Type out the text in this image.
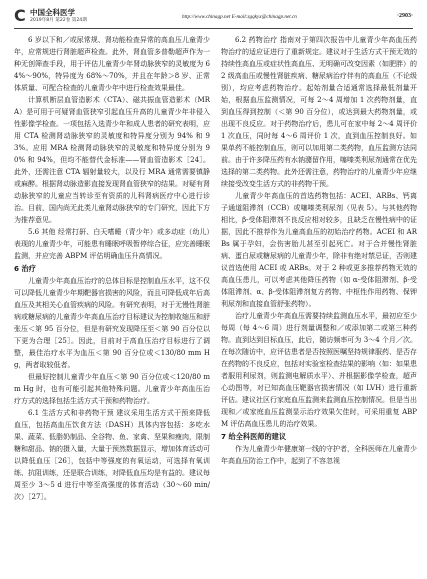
C 中国全科医学
2019年8月 第22卷 第24期
http://www.chinagp.net E-mail:zgqkyx@chinagp.net.cn	·2903·

6 岁以下和／或尿常规、肾功能检查异常的高血压儿童青少年，应常规进行肾脏超声检查。此外，肾血管多普勒超声作为一种无创筛查手段，用于评估儿童青少年肾动脉狭窄的灵敏度为 64%～90%，特异度为 68%～70%，并且在年龄＞8 岁、正常体质量、可配合检查的儿童青少年中进行检查效果最佳。

计算机断层血管造影术（CTA）、磁共振血管造影术（MRA）是可用于可疑肾血管狭窄引起血压升高的儿童青少年非侵入性影像学检查。一项包括入选青少年和成人患者的研究表明，应用 CTA 检测肾动脉狭窄的灵敏度和特异度分别为 94% 和 93%。应用 MRA 检测肾动脉狭窄的灵敏度和特异度分别为 90% 和 94%，但均不能替代金标准——肾血管造影术［24］。此外，还需注意 CTA 辐射量较大，以及行 MRA 通常需要镇静或麻醉。根据肾动脉造影直接发现肾血管狭窄的结果。对疑有肾动脉狭窄的儿童应当转诊至有资质的儿科肾病医疗中心进行诊治。目前，国内尚无此类儿童肾动脉狭窄的专门研究，因此下方为推荐意见。

5.6 其他 经常打鼾、白天嗜睡（青少年）或多动症（幼儿）表现的儿童青少年，可能患有睡眠呼吸暂停综合征，应完善睡眠监测，并应完善 ABPM 评估明确血压升高情况。

6 治疗

儿童青少年高血压治疗的总体目标是控制血压水平，这不仅可以降低儿童青少年期靶器官损害的风险，而且可降低成年后高血压及其相关心血管疾病的风险。有研究表明，对于无慢性肾脏病或糖尿病的儿童青少年高血压治疗目标建议为控制收缩压和舒张压＜第 95 百分位，但是有研究发现降压至＜第 90 百分位以下更为合理［25］。因此，目前对于高血压治疗目标进行了调整，最佳治疗水平为血压＜第 90 百分位或＜130/80 mm Hg，两者取较低者。

但最好控制儿童青少年血压＜第 90 百分位或＜120/80 mm Hg 时，也有可能引起其他特殊问题。儿童青少年高血压治疗方式的选择包括生活方式干预和药物治疗。

6.1 生活方式和非药物干预 建议采用生活方式干预来降低血压，包括高血压饮食方法（DASH）具体内容包括：多吃水果、蔬菜、低脂奶制品、全谷物、鱼、家禽、坚果和瘦肉，限制糖和甜品、钠的摄入量，大量于预然数据显示，增加体育活动可以降低血压［26］，包括中等强度的有氧运动，可选择有氧训练、抗阻训练，还是联合训练，对降低血压均是有益的。建议每周至少 3～5 d 进行中等至高强度的体育活动（30～60 min/次）［27］。

6.2 药物治疗 指南对于第四次报告中儿童青少年高血压药物治疗的适应证进行了重新规定。建议对于生活方式干预无效的持续性高血压或症状性高血压、无明确可改变因素（如肥胖）的 2 级高血压或慢性肾脏疾病、糖尿病治疗伴有的高血压（不论级别），均应考虑药物治疗。起始剂量合适通常选择最低剂量开始，根据血压监测情况，可每 2～4 周增加 1 次药物剂量，直到血压得到控制（＜第 90 百分位），或达到最大药物剂量，或出现不良反应。对于药物治疗后，患儿可在家中每 2～4 周评价 1 次血压，同时每 4～6 周评价 1 次，直到血压控制良好。如果单药不能控制血压，则可以加用第二类药物，血压监测方法同前。由于许多降压药有水钠潴留作用，噻嗪类利尿剂通常在优先选择的第二类药物。此外还需注意，药物治疗的儿童青少年应继续接受改变生活方式的非药物干预。

儿童青少年高血压的首选药物包括：ACEI、ARBs、钙离子通道阻滞剂（CCB）或噻嗪类利尿剂（见表 5）。与其他药物相比，β-受体阻滞剂不良反应相对较多，且缺乏在慢性病中的证据，因此不推荐作为儿童高血压的初始治疗药物。ACEI 和 ARBs 属于孕妇，会伤害胎儿甚至引起死亡。对于合并慢性肾脏病、蛋白尿或糖尿病的儿童青少年，除非有绝对禁忌证，否则建议首选使用 ACEI 或 ARBs。对于 2 种或更多推荐药物无效的高血压患儿，可以考虑其他降压药物（如 α-受体阻滞剂、β-受体阻滞剂、α、β-受体阻滞剂复方药物、中枢性作用药物、保钾利尿剂和直接血管舒张药物）。

治疗儿童青少年高血压需要持续监测血压水平，最初应至少每周（每 4～6 周）进行剂量调整和／或添加第二或第三种药物。直到达到目标血压，此后，随访频率可为 3～4 个月／次。在每次随访中，应评估患者是否按照医嘱坚持规律服药、是否存在药物的不良反应，包括对实验室检查结果的影响（如：如果患者服用利尿剂，则监测电解质水平）、并根据影像学检查，超声心动图等，对已知高血压靶器官损害情况（如 LVH）进行重新评估。建议社区行家庭血压监测来监测血压控制情况。但是当出现和／或家庭血压监测显示治疗效果欠佳时，可采用重复 ABPM 评估高血压患儿的治疗效果。

7 给全科医师的建议

作为儿童青少年健康第一线的守护者，全科医师在儿童青少年高血压防治工作中，起到了不容忽视
